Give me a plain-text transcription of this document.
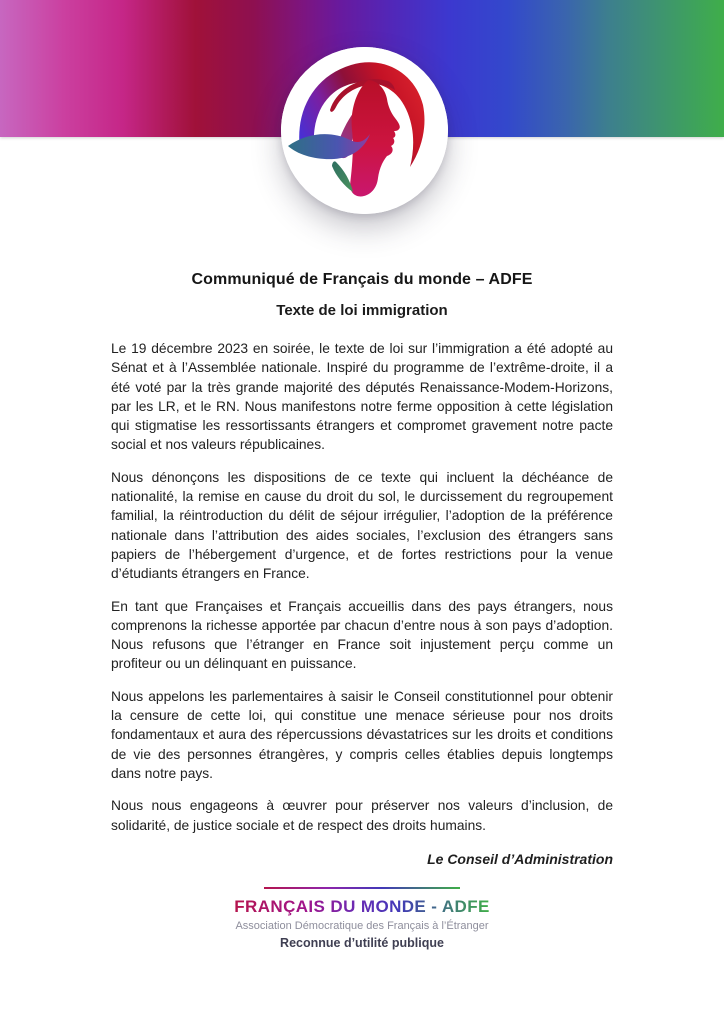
Communiqué de Français du monde – ADFE
Texte de loi immigration

Le 19 décembre 2023 en soirée, le texte de loi sur l’immigration a été adopté au Sénat et à l’Assemblée nationale. Inspiré du programme de l’extrême-droite, il a été voté par la très grande majorité des députés Renaissance-Modem-Horizons, par les LR, et le RN. Nous manifestons notre ferme opposition à cette législation qui stigmatise les ressortissants étrangers et compromet gravement notre pacte social et nos valeurs républicaines.

Nous dénonçons les dispositions de ce texte qui incluent la déchéance de nationalité, la remise en cause du droit du sol, le durcissement du regroupement familial, la réintroduction du délit de séjour irrégulier, l’adoption de la préférence nationale dans l’attribution des aides sociales, l’exclusion des étrangers sans papiers de l’hébergement d’urgence, et de fortes restrictions pour la venue d’étudiants étrangers en France.

En tant que Françaises et Français accueillis dans des pays étrangers, nous comprenons la richesse apportée par chacun d’entre nous à son pays d’adoption. Nous refusons que l’étranger en France soit injustement perçu comme un profiteur ou un délinquant en puissance.

Nous appelons les parlementaires à saisir le Conseil constitutionnel pour obtenir la censure de cette loi, qui constitue une menace sérieuse pour nos droits fondamentaux et aura des répercussions dévastatrices sur les droits et conditions de vie des personnes étrangères, y compris celles établies depuis longtemps dans notre pays.

Nous nous engageons à œuvrer pour préserver nos valeurs d’inclusion, de solidarité, de justice sociale et de respect des droits humains.

Le Conseil d’Administration

FRANÇAIS DU MONDE - ADFE
Association Démocratique des Français à l’Étranger
Reconnue d’utilité publique
